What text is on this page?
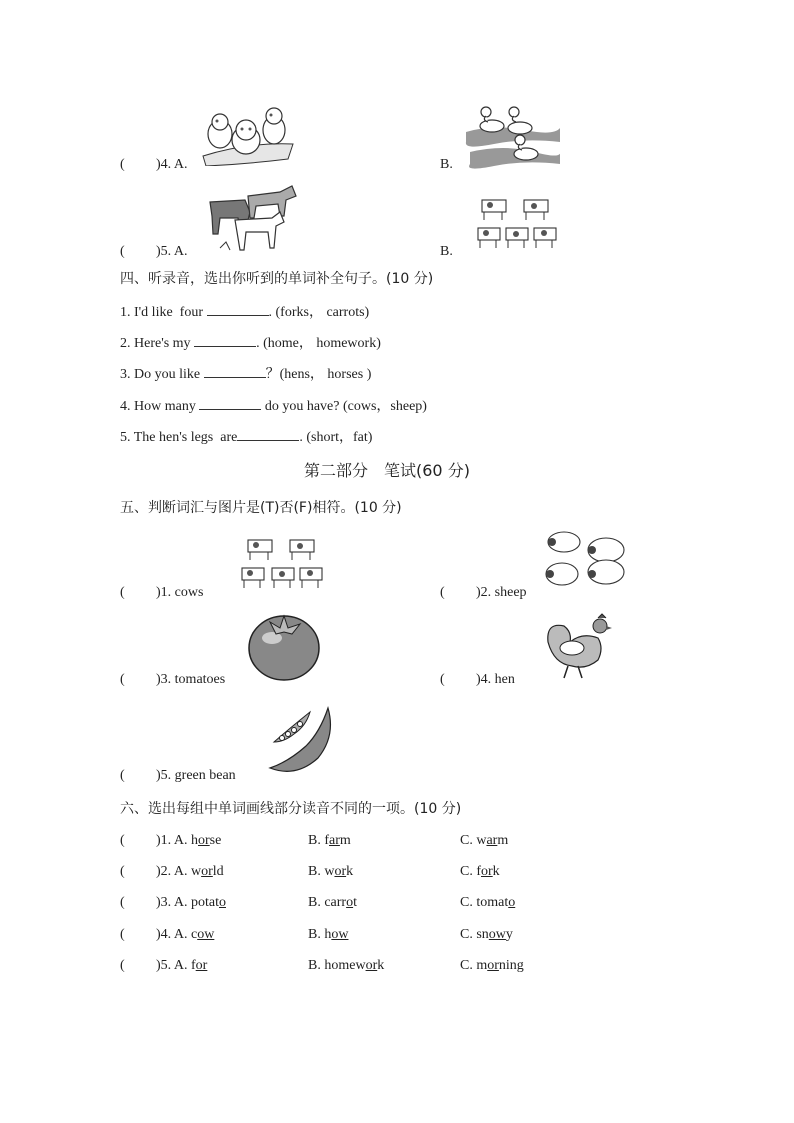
( )4. A.	B.
( )5. A.	B.
四、听录音，选出你听到的单词补全句子。(10 分)
1. I'd like  four	. (forks， carrots)
2. Here's my	. (home， homework)
3. Do you like	？(hens， horses )
4. How many	do you have? (cows，sheep)
5. The hen's legs  are	. (short，fat)
第二部分　笔试(60 分)
五、判断词汇与图片是(T)否(F)相符。(10 分)
( )1. cows	( )2. sheep
( )3. tomatoes	( )4. hen
( )5. green bean
六、选出每组中单词画线部分读音不同的一项。(10 分)
( )1. A. horse	B. farm	C. warm
( )2. A. world	B. work	C. fork
( )3. A. potato	B. carrot	C. tomato
( )4. A. cow	B. how	C. snowy
( )5. A. for	B. homework	C. morning
